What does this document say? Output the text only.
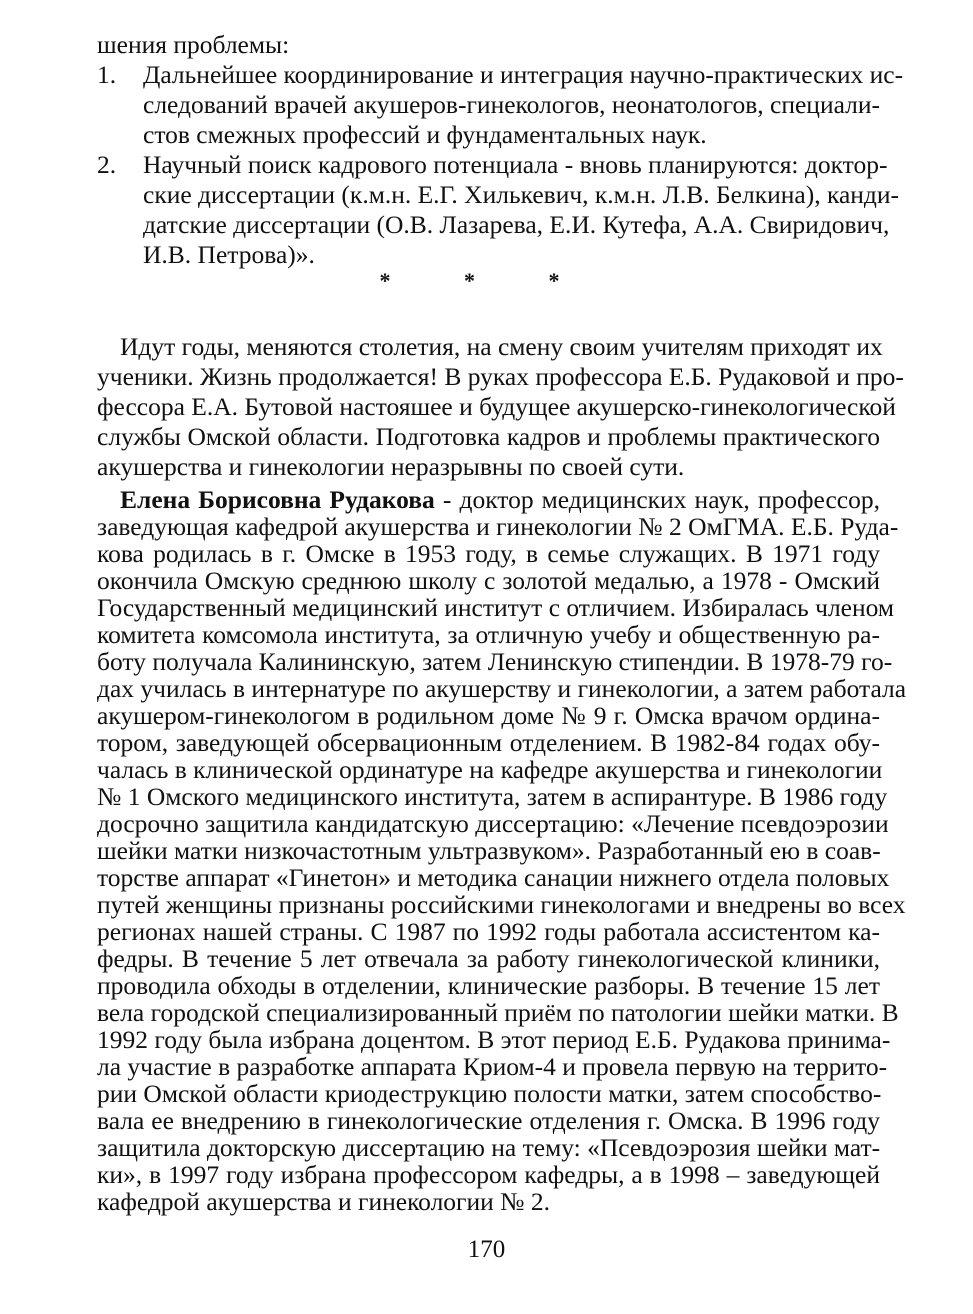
шения проблемы:
1. Дальнейшее координирование и интеграция научно-практических ис-
следований врачей акушеров-гинекологов, неонатологов, специали-
стов смежных профессий и фундаментальных наук.
2. Научный поиск кадрового потенциала - вновь планируются: доктор-
ские диссертации (к.м.н. Е.Г. Хилькевич, к.м.н. Л.В. Белкина), канди-
датские диссертации (О.В. Лазарева, Е.И. Кутефа, А.А. Свиридович,
И.В. Петрова)».
* * *
Идут годы, меняются столетия, на смену своим учителям приходят их
ученики. Жизнь продолжается! В руках профессора Е.Б. Рудаковой и про-
фессора Е.А. Бутовой настояшее и будущее акушерско-гинекологической
службы Омской области. Подготовка кадров и проблемы практического
акушерства и гинекологии неразрывны по своей сути.
Елена Борисовна Рудакова - доктор медицинских наук, профессор,
заведующая кафедрой акушерства и гинекологии № 2 ОмГМА. Е.Б. Руда-
кова родилась в г. Омске в 1953 году, в семье служащих. В 1971 году
окончила Омскую среднюю школу с золотой медалью, а 1978 - Омский
Государственный медицинский институт с отличием. Избиралась членом
комитета комсомола института, за отличную учебу и общественную ра-
боту получала Калининскую, затем Ленинскую стипендии. В 1978-79 го-
дах училась в интернатуре по акушерству и гинекологии, а затем работала
акушером-гинекологом в родильном доме № 9 г. Омска врачом ордина-
тором, заведующей обсервационным отделением. В 1982-84 годах обу-
чалась в клинической ординатуре на кафедре акушерства и гинекологии
№ 1 Омского медицинского института, затем в аспирантуре. В 1986 году
досрочно защитила кандидатскую диссертацию: «Лечение псевдоэрозии
шейки матки низкочастотным ультразвуком». Разработанный ею в соав-
торстве аппарат «Гинетон» и методика санации нижнего отдела половых
путей женщины признаны российскими гинекологами и внедрены во всех
регионах нашей страны. С 1987 по 1992 годы работала ассистентом ка-
федры. В течение 5 лет отвечала за работу гинекологической клиники,
проводила обходы в отделении, клинические разборы. В течение 15 лет
вела городской специализированный приём по патологии шейки матки. В
1992 году была избрана доцентом. В этот период Е.Б. Рудакова принима-
ла участие в разработке аппарата Криом-4 и провела первую на террито-
рии Омской области криодеструкцию полости матки, затем способство-
вала ее внедрению в гинекологические отделения г. Омска. В 1996 году
защитила докторскую диссертацию на тему: «Псевдоэрозия шейки мат-
ки», в 1997 году избрана профессором кафедры, а в 1998 – заведующей
кафедрой акушерства и гинекологии № 2.
170
